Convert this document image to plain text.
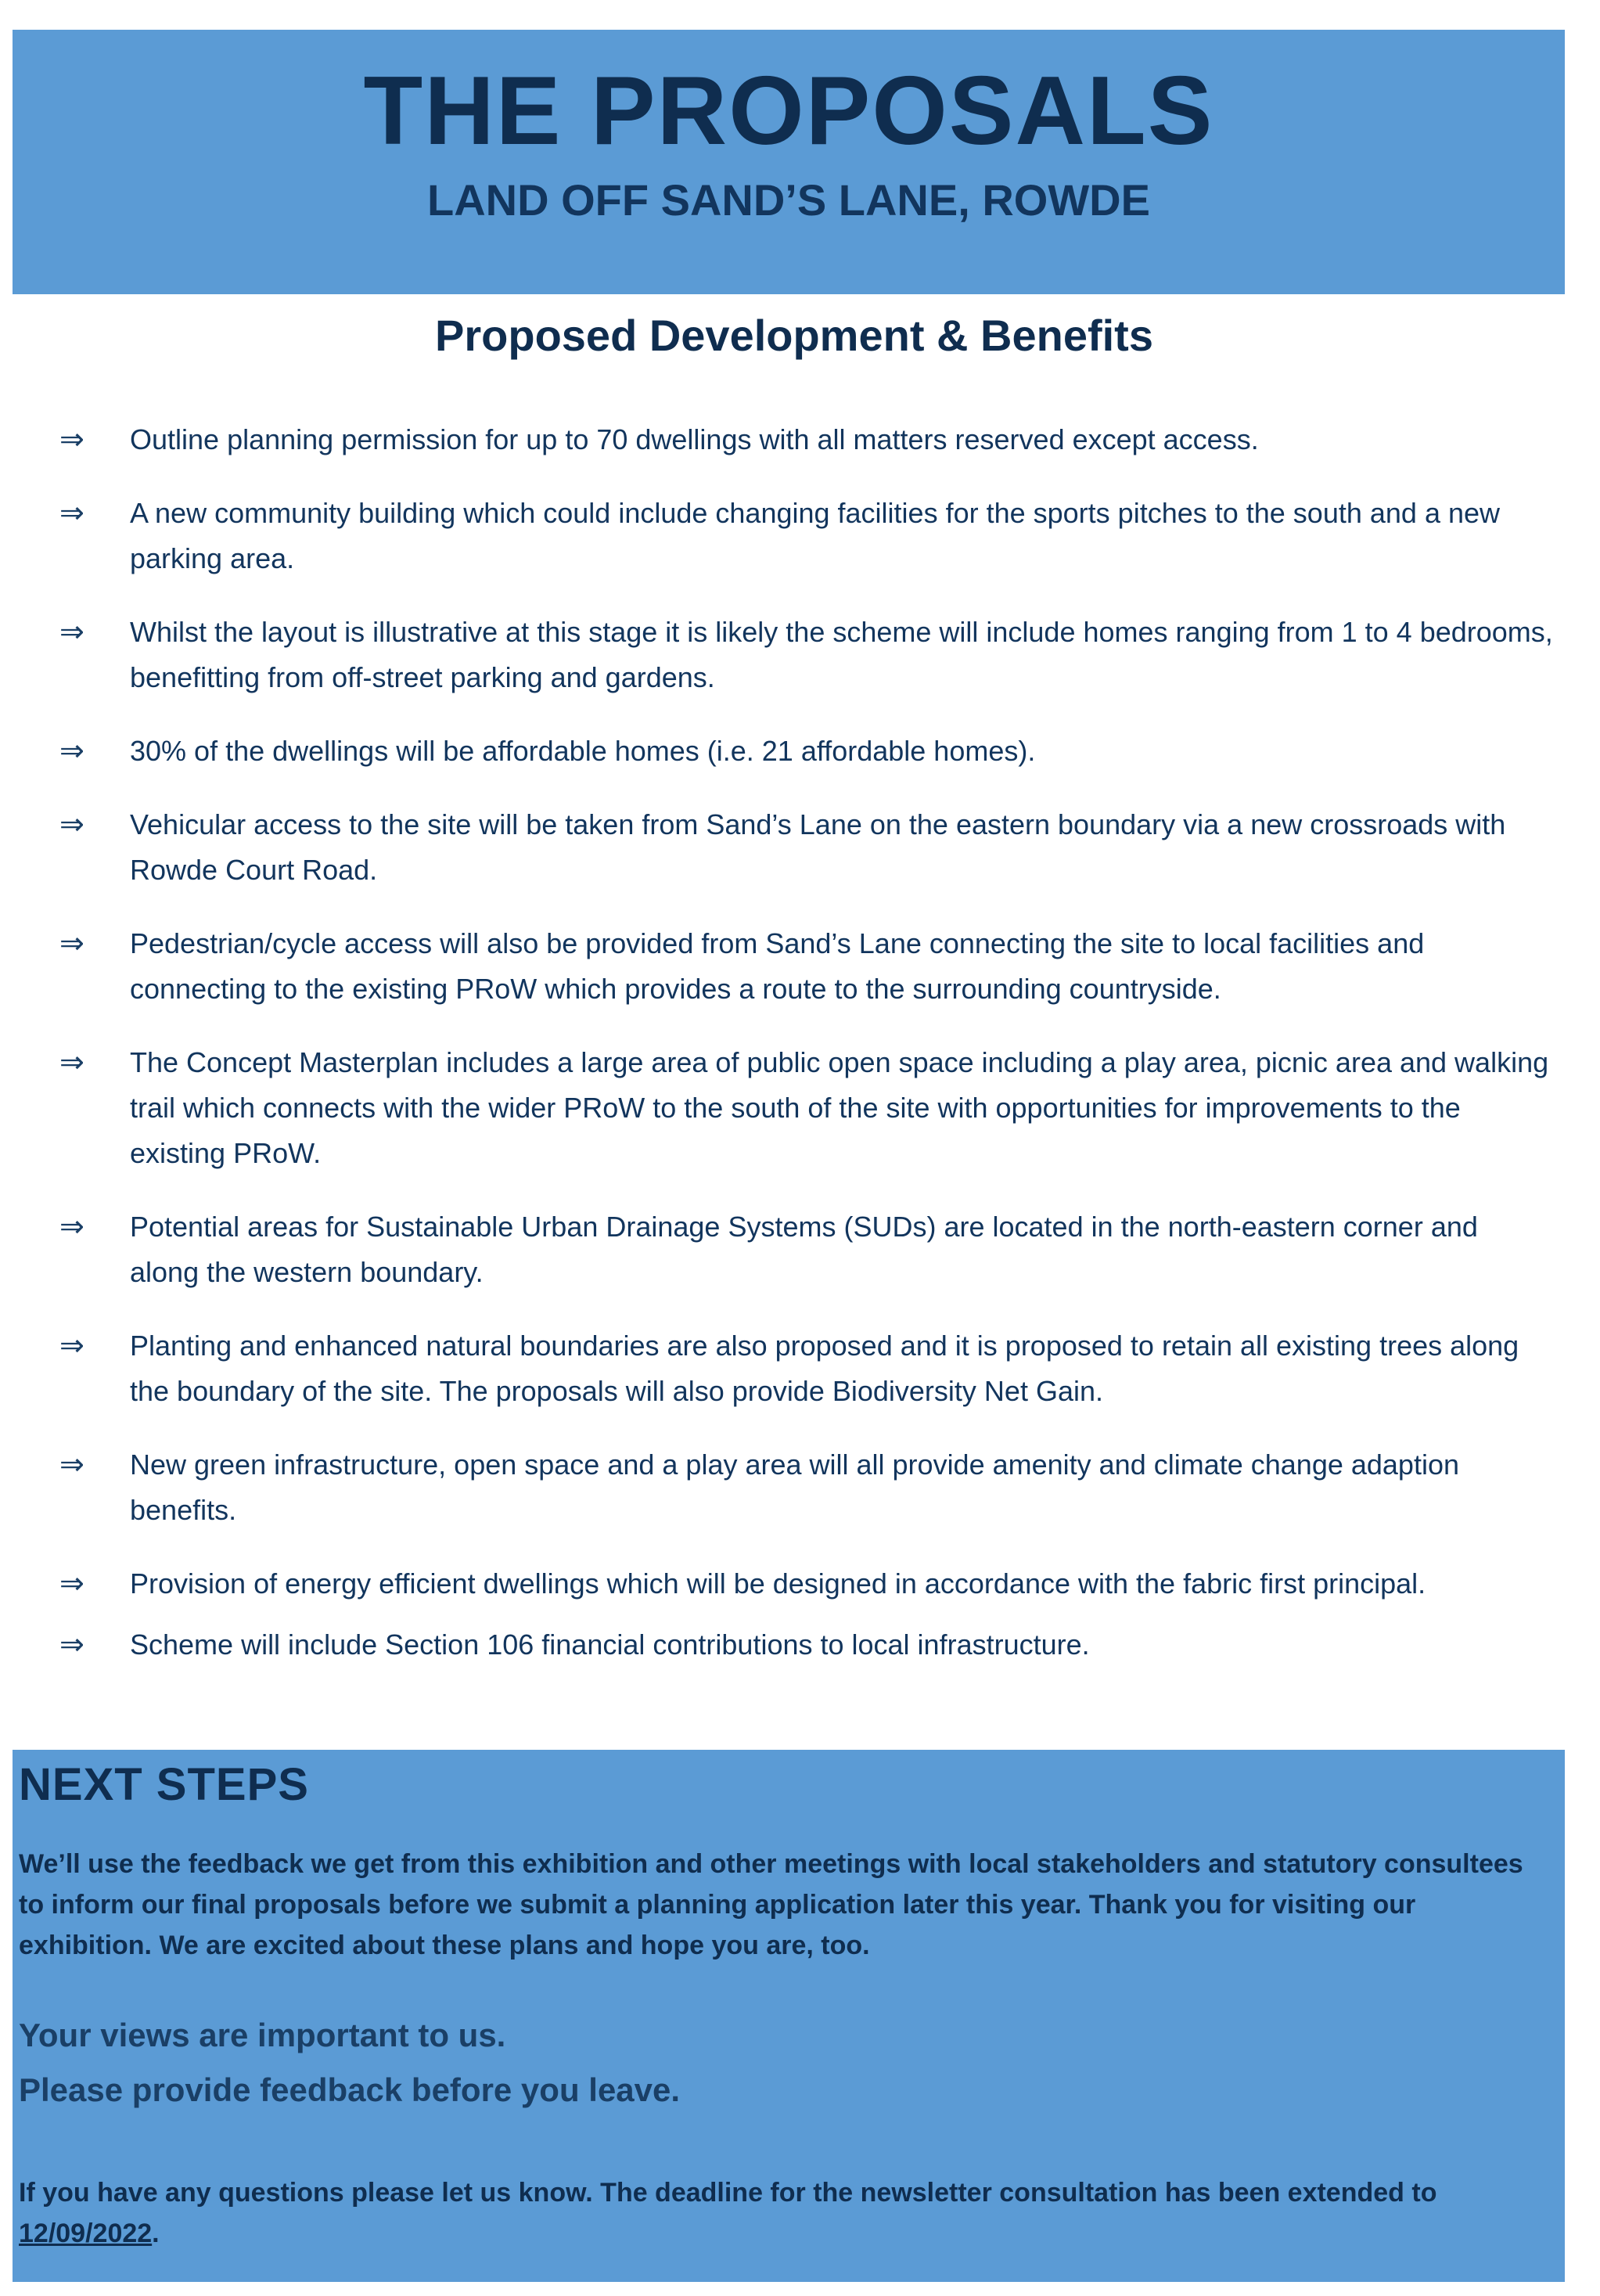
THE PROPOSALS
LAND OFF SAND’S LANE, ROWDE
Proposed Development & Benefits
⇒	Outline planning permission for up to 70 dwellings with all matters reserved except access.
⇒	A new community building which could include changing facilities for the sports pitches to the south and a new parking area.
⇒	Whilst the layout is illustrative at this stage it is likely the scheme will include homes ranging from 1 to 4 bedrooms, benefitting from off-street parking and gardens.
⇒	30% of the dwellings will be affordable homes (i.e. 21 affordable homes).
⇒	Vehicular access to the site will be taken from Sand’s Lane on the eastern boundary via a new crossroads with Rowde Court Road.
⇒	Pedestrian/cycle access will also be provided from Sand’s Lane connecting the site to local facilities and connecting to the existing PRoW which provides a route to the surrounding countryside.
⇒	The Concept Masterplan includes a large area of public open space including a play area, picnic area and walking trail which connects with the wider PRoW to the south of the site with opportunities for improvements to the existing PRoW.
⇒	Potential areas for Sustainable Urban Drainage Systems (SUDs) are located in the north-eastern corner and along the western boundary.
⇒	Planting and enhanced natural boundaries are also proposed and it is proposed to retain all existing trees along the boundary of the site. The proposals will also provide Biodiversity Net Gain.
⇒	New green infrastructure, open space and a play area will all provide amenity and climate change adaption benefits.
⇒	Provision of energy efficient dwellings which will be designed in accordance with the fabric first principal.
⇒	Scheme will include Section 106 financial contributions to local infrastructure.
NEXT STEPS

We’ll use the feedback we get from this exhibition and other meetings with local stakeholders and statutory consultees to inform our final proposals before we submit a planning application later this year. Thank you for visiting our exhibition. We are excited about these plans and hope you are, too.

Your views are important to us.

Please provide feedback before you leave.

If you have any questions please let us know. The deadline for the newsletter consultation has been extended to 12/09/2022.
